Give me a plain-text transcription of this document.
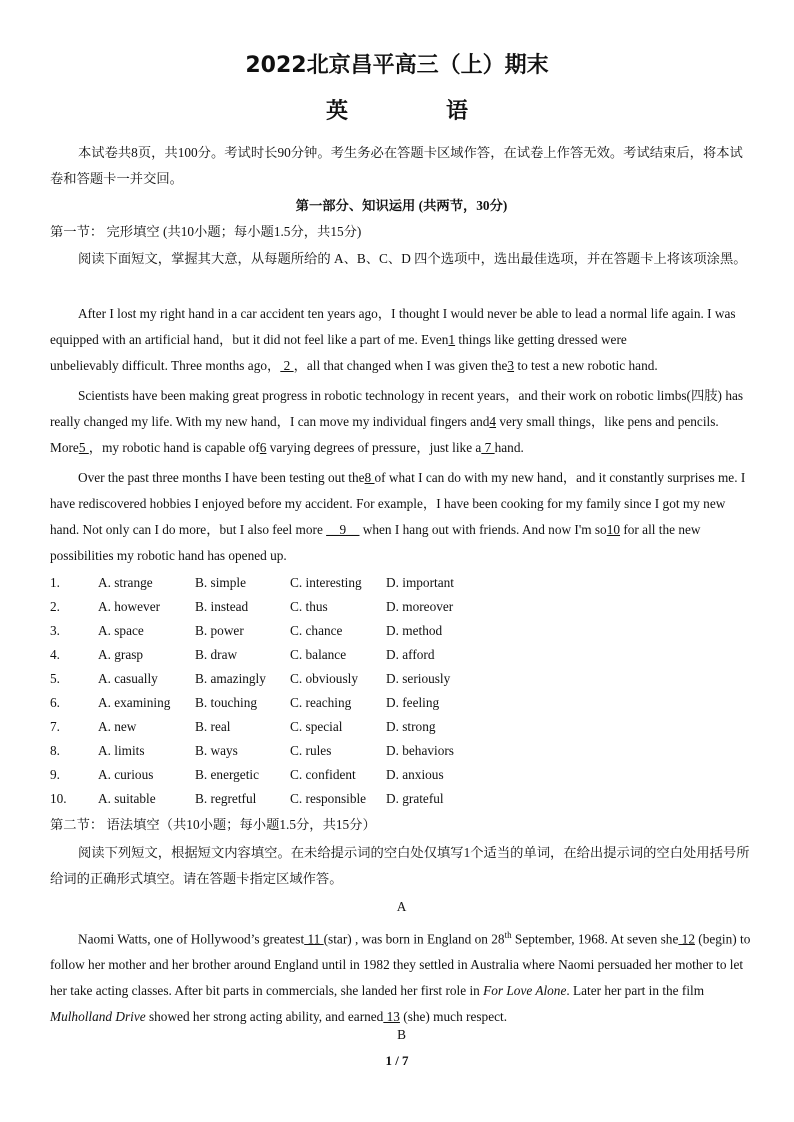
2022北京昌平高三（上）期末
英　语
本试卷共8页，共100分。考试时长90分钟。考生务必在答题卡区域作答，在试卷上作答无效。考试结束后，将本试卷和答题卡一并交回。
第一部分、知识运用 (共两节，30分)
第一节： 完形填空 (共10小题；每小题1.5分，共15分)
阅读下面短文，掌握其大意，从每题所给的 A、B、C、D 四个选项中，选出最佳选项，并在答题卡上将该项涂黑。
After I lost my right hand in a car accident ten years ago，I thought I would never be able to lead a normal life again. I was equipped with an artificial hand，but it did not feel like a part of me. Even1 things like getting dressed were
unbelievably difficult. Three months ago， 2 ，all that changed when I was given the3 to test a new robotic hand.
Scientists have been making great progress in robotic technology in recent years，and their work on robotic limbs(四肢) has really changed my life. With my new hand，I can move my individual fingers and4 very small things，like pens and pencils. More5 ，my robotic hand is capable of6 varying degrees of pressure，just like a 7 hand.
Over the past three months I have been testing out the8 of what I can do with my new hand，and it constantly surprises me. I have rediscovered hobbies I enjoyed before my accident. For example，I have been cooking for my family since I got my new hand. Not only can I do more，but I also feel more __9__ when I hang out with friends. And now I'm so10 for all the new possibilities my robotic hand has opened up.
1.	A. strange	B. simple	C. interesting D. important
2.	A. however	B. instead	C. thus	D. moreover
3.	A. space	B. power	C. chance	D. method
4.	A. grasp	B. draw	C. balance	D. afford
5.	A. casually	B. amazingly C. obviously D. seriously
6.	A. examining B. touching C. reaching	D. feeling
7.	A. new	B. real	C. special	D. strong
8.	A. limits	B. ways	C. rules	D. behaviors
9.	A. curious	B. energetic C. confident D. anxious
10. A. suitable	B. regretful	C. responsible D. grateful
第二节： 语法填空（共10小题；每小题1.5分，共15分）
阅读下列短文，根据短文内容填空。在未给提示词的空白处仅填写1个适当的单词，在给出提示词的空白处用括号所给词的正确形式填空。请在答题卡指定区域作答。
A
Naomi Watts, one of Hollywood’s greatest 11 (star) , was born in England on 28th September, 1968. At seven she 12 (begin) to follow her mother and her brother around England until in 1982 they settled in Australia where Naomi persuaded her mother to let her take acting classes. After bit parts in commercials, she landed her first role in For Love Alone. Later her part in the film Mulholland Drive showed her strong acting ability, and earned 13 (she) much respect.
B
1 / 7
